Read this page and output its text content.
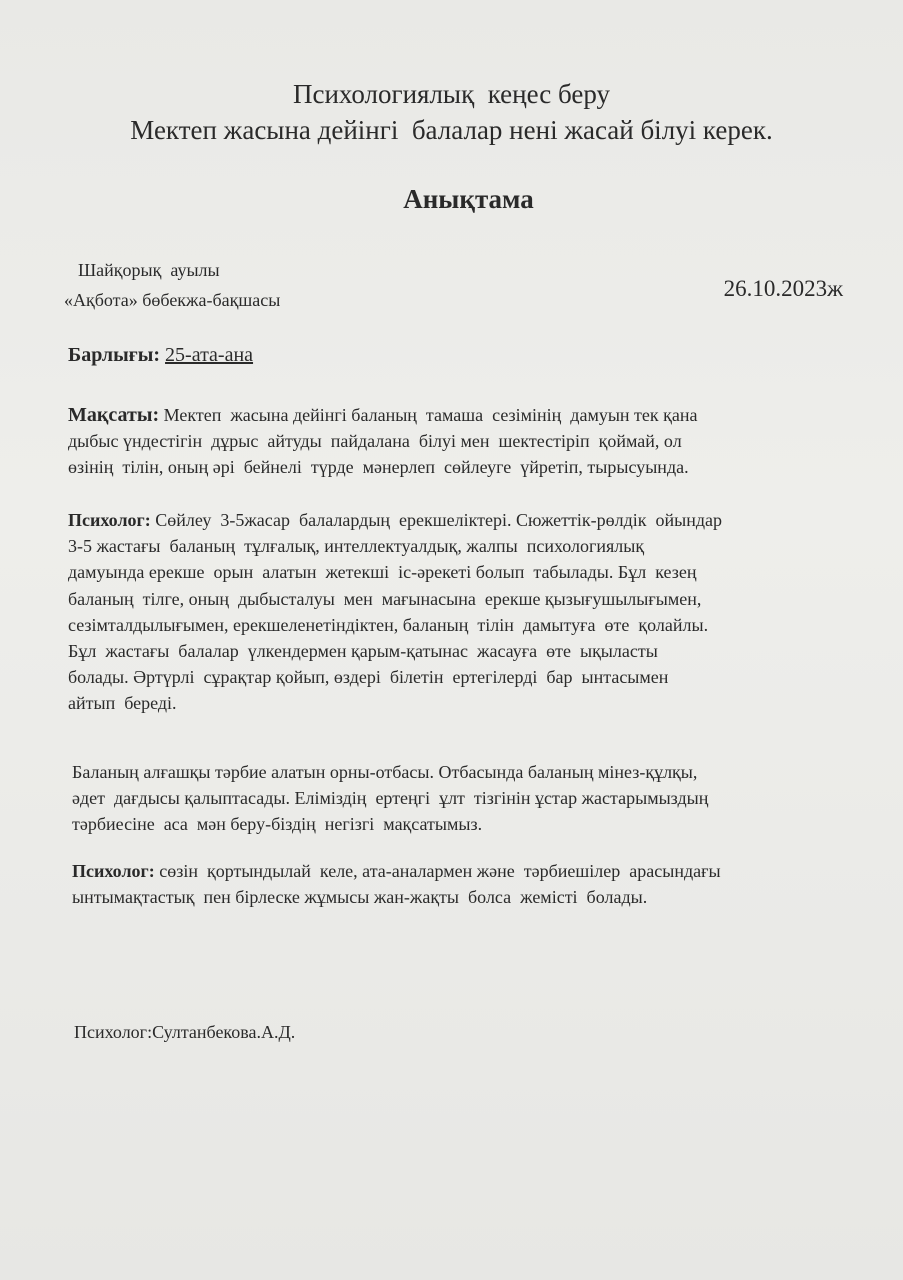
Психологиялық  кеңес беру
Мектеп жасына дейінгі  балалар нені жасай білуі керек.
Анықтама
Шайқорық  ауылы
«Ақбота» бөбекжа-бақшасы	26.10.2023ж
Барлығы: 25-ата-ана
Мақсаты: Мектеп  жасына дейінгі баланың  тамаша  сезімінің  дамуын тек қана
дыбыс үндестігін  дұрыс  айтуды  пайдалана  білуі мен  шектестіріп  қоймай, ол
өзінің  тілін, оның әрі  бейнелі  түрде  мәнерлеп  сөйлеуге  үйретіп, тырысуында.
Психолог: Сөйлеу  3-5жасар  балалардың  ерекшеліктері. Сюжеттік-рөлдік  ойындар
3-5 жастағы  баланың  тұлғалық, интеллектуалдық, жалпы  психологиялық
дамуында ерекше  орын  алатын  жетекші  іс-әрекеті болып  табылады. Бұл  кезең
баланың  тілге, оның  дыбысталуы  мен  мағынасына  ерекше қызығушылығымен,
сезімталдылығымен, ерекшеленетіндіктен, баланың  тілін  дамытуға  өте  қолайлы.
Бұл  жастағы  балалар  үлкендермен қарым-қатынас  жасауға  өте  ықыласты
болады. Әртүрлі  сұрақтар қойып, өздері  білетін  ертегілерді  бар  ынтасымен
айтып  береді.
Баланың алғашқы тәрбие алатын орны-отбасы. Отбасында баланың мінез-құлқы,
әдет  дағдысы қалыптасады. Еліміздің  ертеңгі  ұлт  тізгінін ұстар жастарымыздың
тәрбиесіне  аса  мән беру-біздің  негізгі  мақсатымыз.
Психолог: сөзін  қортындылай  келе, ата-аналармен және  тәрбиешілер  арасындағы
ынтымақтастық  пен бірлеске жұмысы жан-жақты  болса  жемісті  болады.
Психолог:Султанбекова.А.Д.
